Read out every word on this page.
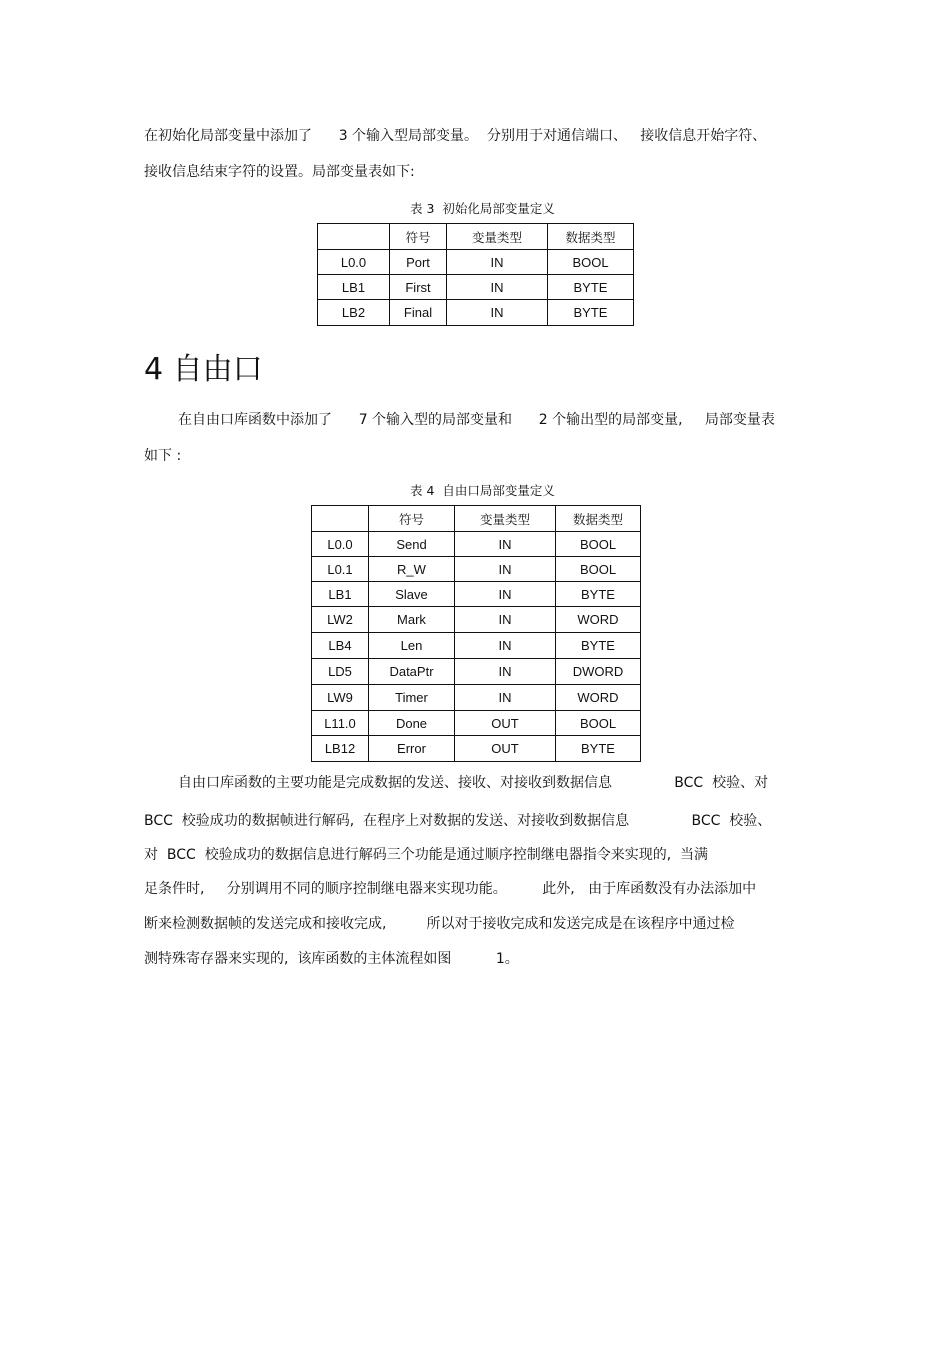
在初始化局部变量中添加了      3 个输入型局部变量。  分别用于对通信端口、   接收信息开始字符、
接收信息结束字符的设置。局部变量表如下:
表 3  初始化局部变量定义
	符号	变量类型	数据类型
L0.0	Port	IN	BOOL
LB1	First	IN	BYTE
LB2	Final	IN	BYTE
4 自由口
在自由口库函数中添加了      7 个输入型的局部变量和      2 个输出型的局部变量,     局部变量表
如下 :
表 4  自由口局部变量定义
	符号	变量类型	数据类型
L0.0	Send	IN	BOOL
L0.1	R_W	IN	BOOL
LB1	Slave	IN	BYTE
LW2	Mark	IN	WORD
LB4	Len	IN	BYTE
LD5	DataPtr	IN	DWORD
LW9	Timer	IN	WORD
L11.0	Done	OUT	BOOL
LB12	Error	OUT	BYTE
自由口库函数的主要功能是完成数据的发送、接收、对接收到数据信息              BCC  校验、对
BCC  校验成功的数据帧进行解码,  在程序上对数据的发送、对接收到数据信息              BCC  校验、
对  BCC  校验成功的数据信息进行解码三个功能是通过顺序控制继电器指令来实现的,  当满
足条件时,     分别调用不同的顺序控制继电器来实现功能。        此外,   由于库函数没有办法添加中
断来检测数据帧的发送完成和接收完成,         所以对于接收完成和发送完成是在该程序中通过检
测特殊寄存器来实现的,  该库函数的主体流程如图          1。
